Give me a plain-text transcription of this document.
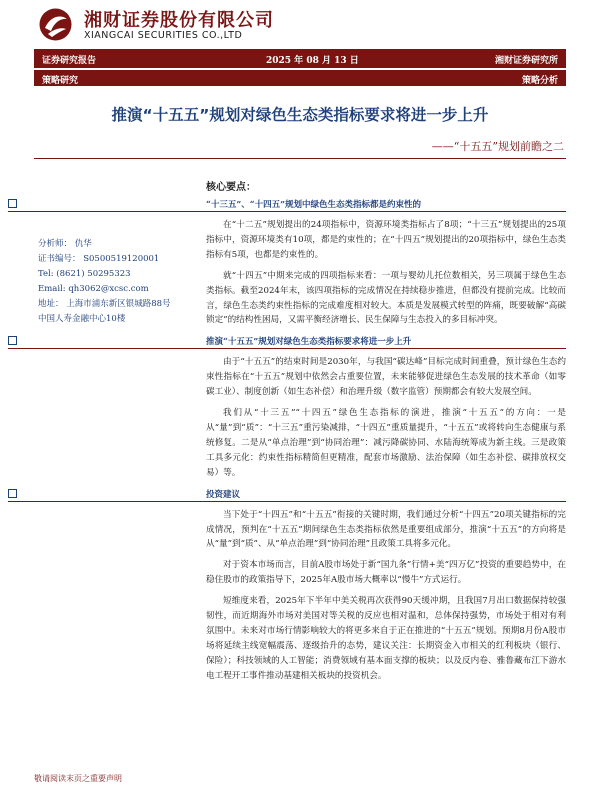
湘财证券股份有限公司
XIANGCAI SECURITIES CO.,LTD
证券研究报告	2025 年 08 月 13 日	湘财证券研究所
策略研究	策略分析
推演“十五五”规划对绿色生态类指标要求将进一步上升
——“十五五”规划前瞻之二
分析师： 仇华
证书编号： S0500519120001
Tel: (8621) 50295323
Email: qh3062@xcsc.com
地址： 上海市浦东新区银城路88号
中国人寿金融中心10楼
核心要点：
“十三五”、“十四五”规划中绿色生态类指标都是约束性的

在“十二五”规划提出的24项指标中，资源环境类指标占了8项；“十三五”规划提出的25项指标中，资源环境类有10项，都是约束性的；在“十四五”规划提出的20项指标中，绿色生态类指标有5项，也都是约束性的。

就“十四五”中期来完成的四项指标来看：一项与婴幼儿托位数相关，另三项属于绿色生态类指标。截至2024年末，该四项指标的完成情况在持续稳步推进，但都没有提前完成。比较而言，绿色生态类约束性指标的完成难度相对较大。本质是发展模式转型的阵痛，既要破解“高碳锁定”的结构性困局，又需平衡经济增长、民生保障与生态投入的多目标冲突。

推演“十五五”规划对绿色生态类指标要求将进一步上升

由于“十五五”的结束时间是2030年，与我国“碳达峰”目标完成时间重叠，预计绿色生态约束性指标在“十五五”规划中依然会占重要位置，未来能够促进绿色生态发展的技术革命（如零碳工业）、制度创新（如生态补偿）和治理升级（数字监管）预期都会有较大发展空间。

我们从“十三五”“十四五”绿色生态指标的演进，推演“十五五”的方向：一是从“量”到“质”：“十三五”重污染减排，“十四五”重质量提升，“十五五”或将转向生态健康与系统修复。二是从“单点治理”到“协同治理”：减污降碳协同、水陆海统筹成为新主线。三是政策工具多元化：约束性指标精简但更精准，配套市场激励、法治保障（如生态补偿、碳排放权交易）等。

投资建议

当下处于“十四五”和“十五五”衔接的关键时期，我们通过分析“十四五”20项关键指标的完成情况，预判在“十五五”期间绿色生态类指标依然是重要组成部分，推演“十五五”的方向将是从“量”到“质”、从“单点治理”到“协同治理”且政策工具将多元化。

对于资本市场而言，目前A股市场处于新“国九条”行情+美“四万亿”投资的重要趋势中，在稳住股市的政策指导下，2025年A股市场大概率以“慢牛”方式运行。

短维度来看，2025年下半年中美关税再次获得90天缓冲期，且我国7月出口数据保持较强韧性，而近期海外市场对美国对等关税的反应也相对温和，总体保持强势，市场处于相对有利氛围中。未来对市场行情影响较大的将更多来自于正在推进的“十五五”规划。预期8月份A股市场将延续主线宽幅震荡、逐级抬升的态势，建议关注：长期资金入市相关的红利板块（银行、保险）；科技领域的人工智能；消费领域有基本面支撑的板块；以及反内卷、雅鲁藏布江下游水电工程开工事件推动基建相关板块的投资机会。

敬请阅读末页之重要声明
